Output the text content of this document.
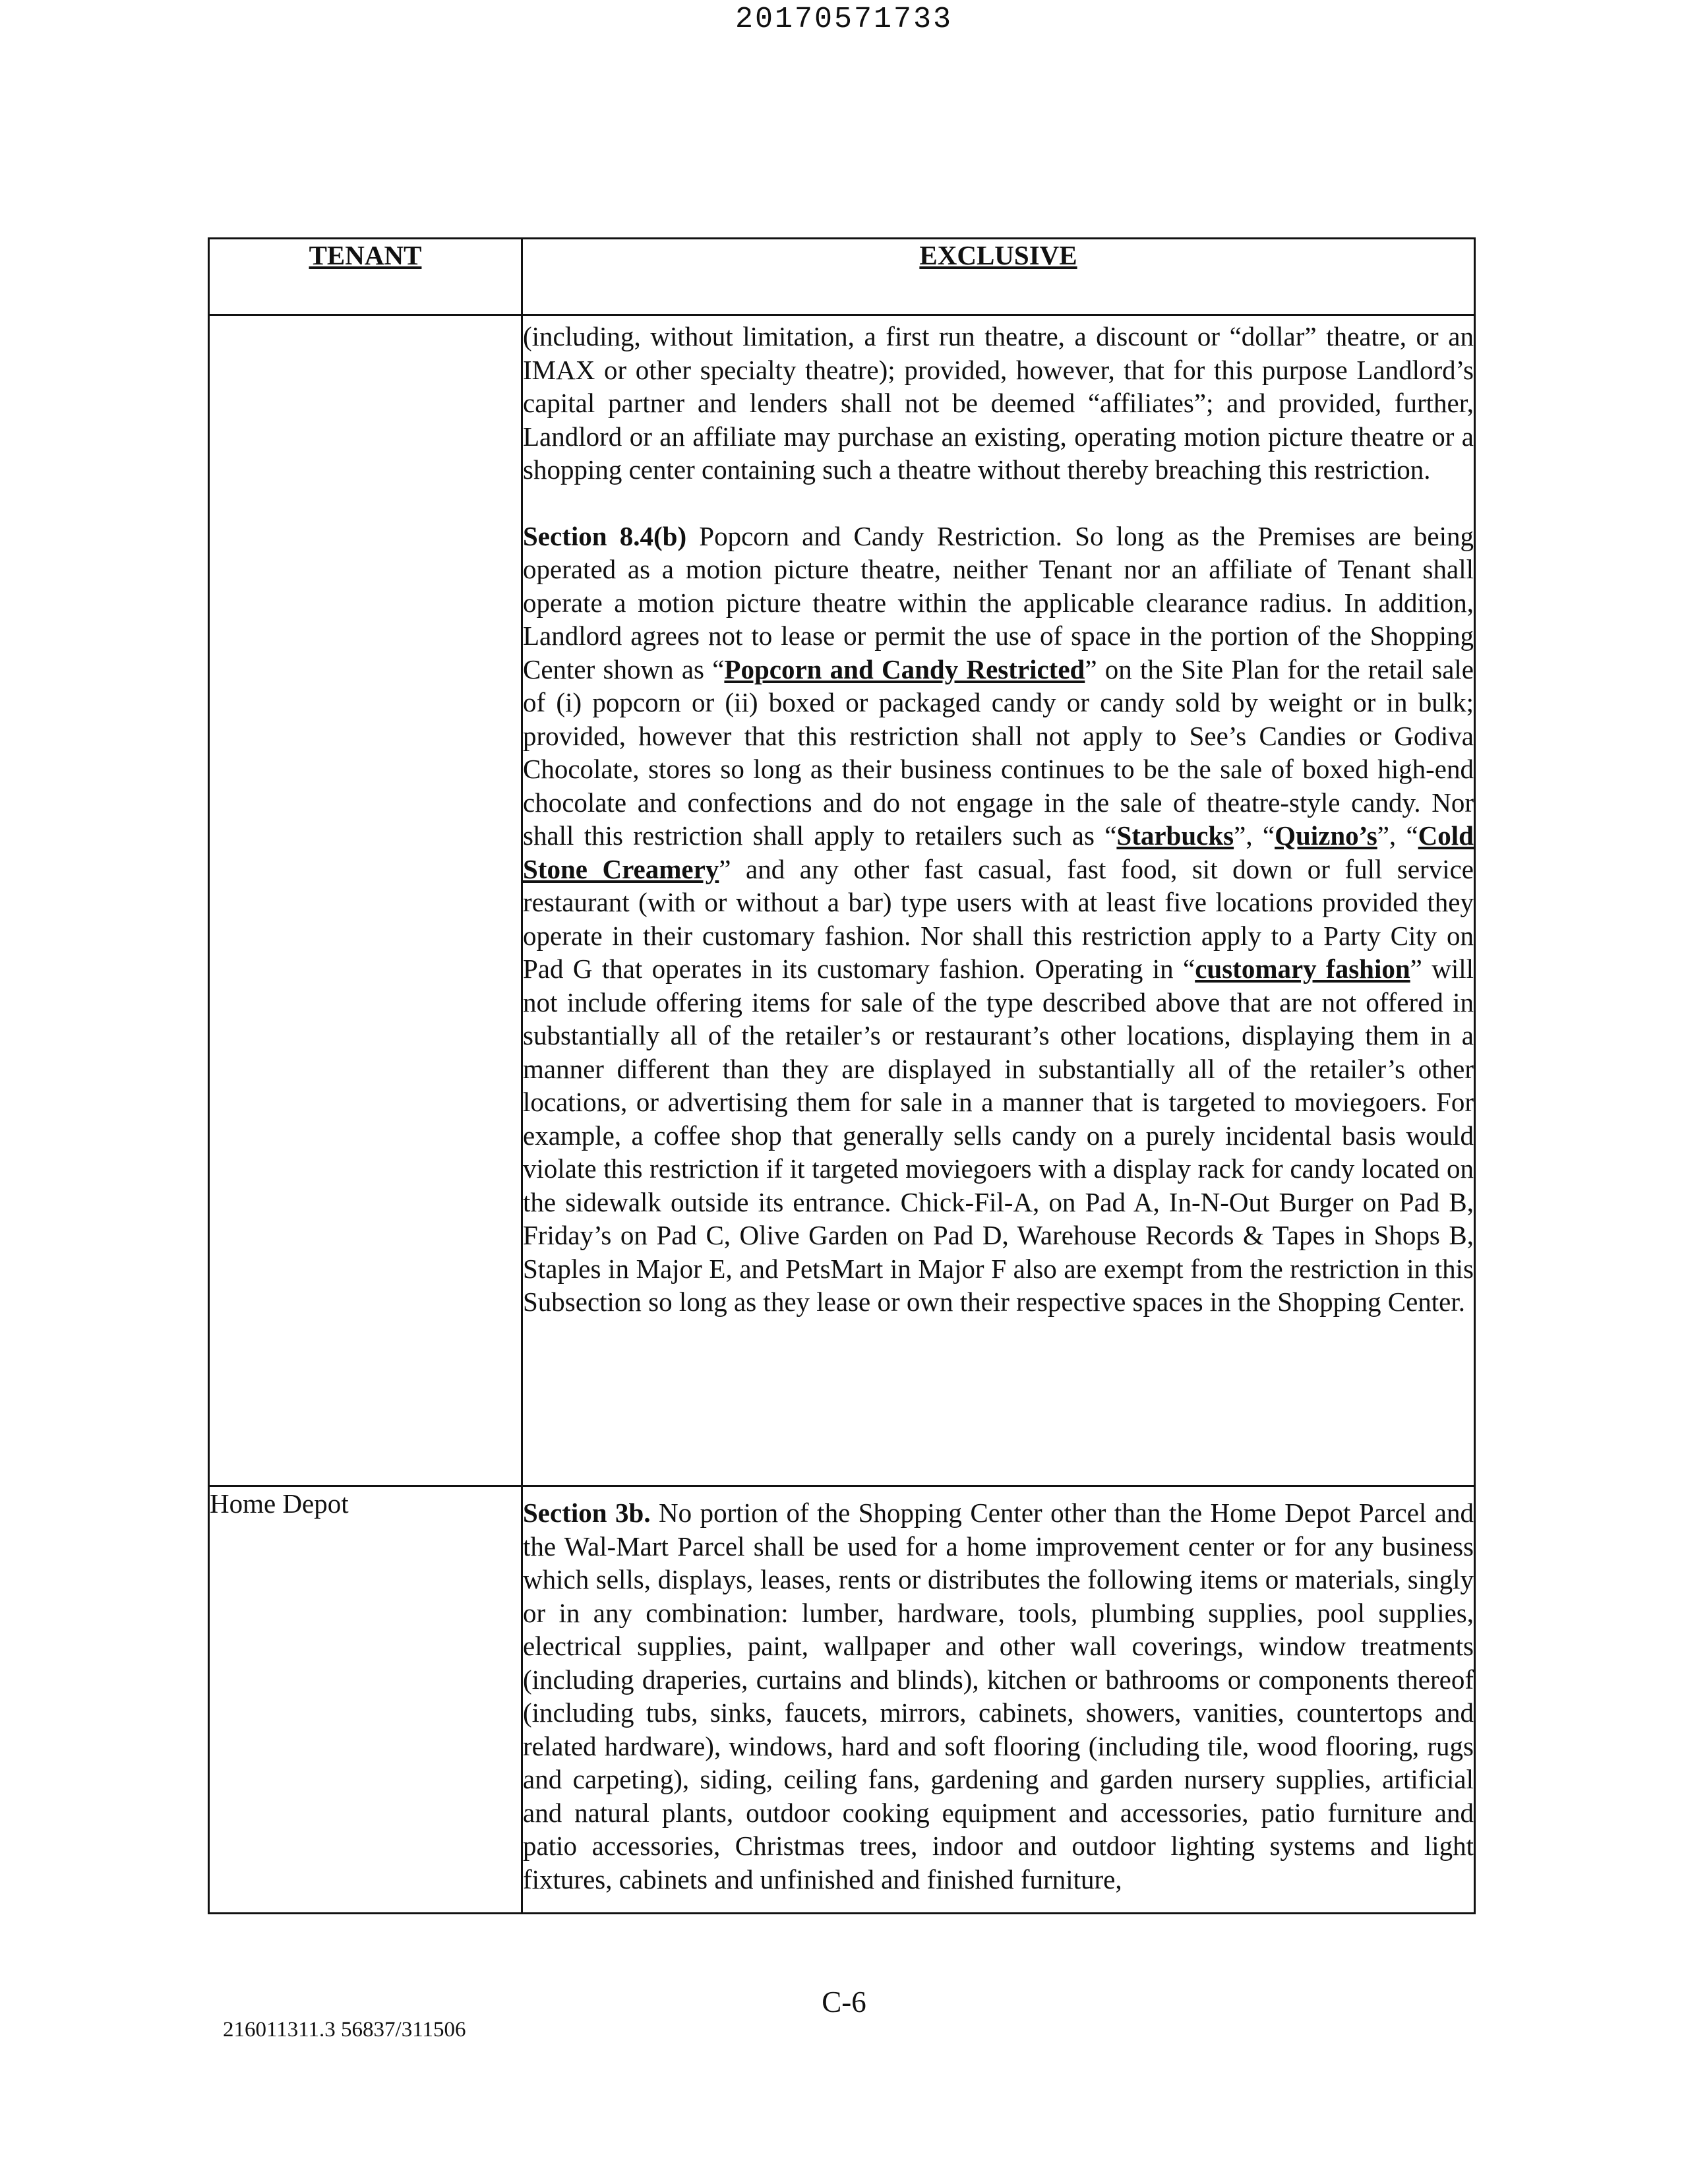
20170571733
TENANT	EXCLUSIVE

	(including, without limitation, a first run theatre, a discount or “dollar” theatre, or an IMAX or other specialty theatre); provided, however, that for this purpose Landlord’s capital partner and lenders shall not be deemed “affiliates”; and provided, further, Landlord or an affiliate may purchase an existing, operating motion picture theatre or a shopping center containing such a theatre without thereby breaching this restriction.

Section 8.4(b) Popcorn and Candy Restriction. So long as the Premises are being operated as a motion picture theatre, neither Tenant nor an affiliate of Tenant shall operate a motion picture theatre within the applicable clearance radius. In addition, Landlord agrees not to lease or permit the use of space in the portion of the Shopping Center shown as “Popcorn and Candy Restricted” on the Site Plan for the retail sale of (i) popcorn or (ii) boxed or packaged candy or candy sold by weight or in bulk; provided, however that this restriction shall not apply to See’s Candies or Godiva Chocolate, stores so long as their business continues to be the sale of boxed high-end chocolate and confections and do not engage in the sale of theatre-style candy. Nor shall this restriction shall apply to retailers such as “Starbucks”, “Quizno’s”, “Cold Stone Creamery” and any other fast casual, fast food, sit down or full service restaurant (with or without a bar) type users with at least five locations provided they operate in their customary fashion. Nor shall this restriction apply to a Party City on Pad G that operates in its customary fashion. Operating in “customary fashion” will not include offering items for sale of the type described above that are not offered in substantially all of the retailer’s or restaurant’s other locations, displaying them in a manner different than they are displayed in substantially all of the retailer’s other locations, or advertising them for sale in a manner that is targeted to moviegoers. For example, a coffee shop that generally sells candy on a purely incidental basis would violate this restriction if it targeted moviegoers with a display rack for candy located on the sidewalk outside its entrance. Chick-Fil-A, on Pad A, In-N-Out Burger on Pad B, Friday’s on Pad C, Olive Garden on Pad D, Warehouse Records & Tapes in Shops B, Staples in Major E, and PetsMart in Major F also are exempt from the restriction in this Subsection so long as they lease or own their respective spaces in the Shopping Center.

Home Depot	Section 3b. No portion of the Shopping Center other than the Home Depot Parcel and the Wal-Mart Parcel shall be used for a home improvement center or for any business which sells, displays, leases, rents or distributes the following items or materials, singly or in any combination: lumber, hardware, tools, plumbing supplies, pool supplies, electrical supplies, paint, wallpaper and other wall coverings, window treatments (including draperies, curtains and blinds), kitchen or bathrooms or components thereof (including tubs, sinks, faucets, mirrors, cabinets, showers, vanities, countertops and related hardware), windows, hard and soft flooring (including tile, wood flooring, rugs and carpeting), siding, ceiling fans, gardening and garden nursery supplies, artificial and natural plants, outdoor cooking equipment and accessories, patio furniture and patio accessories, Christmas trees, indoor and outdoor lighting systems and light fixtures, cabinets and unfinished and finished furniture,

C-6
216011311.3 56837/311506
